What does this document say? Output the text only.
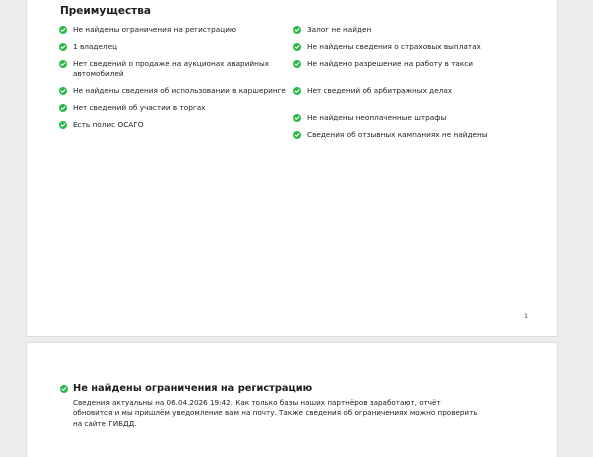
Преимущества
Не найдены ограничения на регистрацию
1 владелец
Нет сведений о продаже на аукционах аварийных автомобилей
Не найдены сведения об использовании в каршеринге
Нет сведений об участии в торгах
Есть полис ОСАГО
Залог не найден
Не найдены сведения о страховых выплатах
Не найдено разрешение на работу в такси
Нет сведений об арбитражных делах
Не найдены неоплаченные штрафы
Сведения об отзывных кампаниях не найдены
1
Не найдены ограничения на регистрацию
Сведения актуальны на 06.04.2026 19:42. Как только базы наших партнёров заработают, отчёт обновится и мы пришлём уведомление вам на почту. Также сведения об ограничениях можно проверить на сайте ГИБДД.
